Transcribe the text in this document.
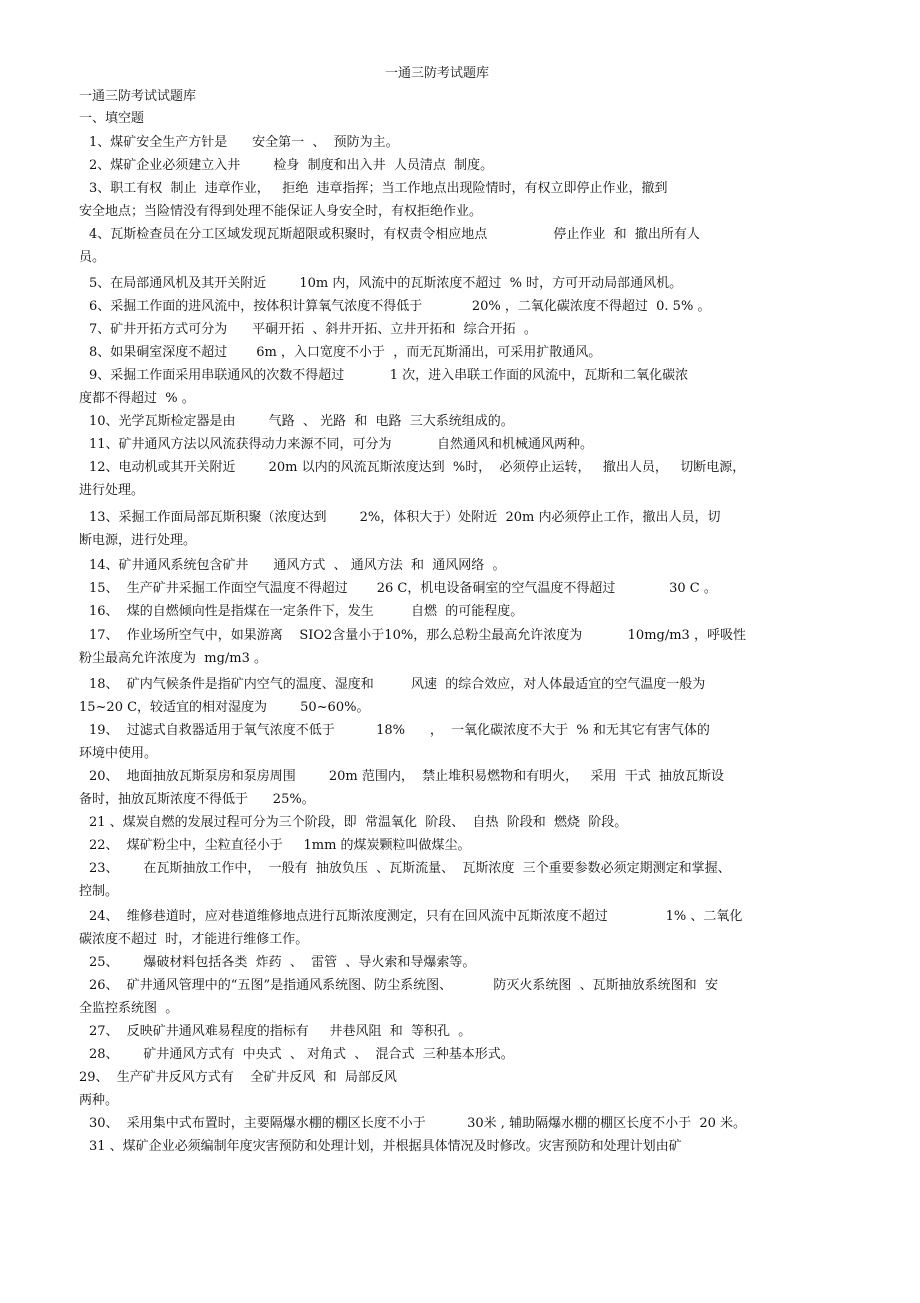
一通三防考试题库
一通三防考试试题库
一、填空题
1、煤矿安全生产方针是      安全第一  、  预防为主。
2、煤矿企业必须建立入井        检身  制度和出入井  人员清点  制度。
3、职工有权  制止  违章作业，   拒绝  违章指挥；当工作地点出现险情时，有权立即停止作业，撤到
安全地点；当险情没有得到处理不能保证人身安全时，有权拒绝作业。
4、瓦斯检查员在分工区域发现瓦斯超限或积聚时，有权责令相应地点                停止作业  和  撤出所有人
员。
5、在局部通风机及其开关附近        10m 内，风流中的瓦斯浓度不超过  % 时，方可开动局部通风机。
6、采掘工作面的进风流中，按体积计算氧气浓度不得低于            20% ，二氧化碳浓度不得超过  0. 5% 。
7、矿井开拓方式可分为      平硐开拓  、斜井开拓、立井开拓和  综合开拓  。
8、如果硐室深度不超过       6m ，入口宽度不小于  ，而无瓦斯涌出，可采用扩散通风。
9、采掘工作面采用串联通风的次数不得超过           1 次，进入串联工作面的风流中，瓦斯和二氧化碳浓
度都不得超过  % 。
10、光学瓦斯检定器是由        气路  、 光路  和  电路  三大系统组成的。
11、矿井通风方法以风流获得动力来源不同，可分为           自然通风和机械通风两种。
12、电动机或其开关附近        20m 以内的风流瓦斯浓度达到  %时，  必须停止运转，   撤出人员，   切断电源，
进行处理。
13、采掘工作面局部瓦斯积聚（浓度达到        2%，体积大于）处附近  20m 内必须停止工作，撤出人员，切
断电源，进行处理。
14、矿井通风系统包含矿井      通风方式  、 通风方法  和  通风网络  。
15、  生产矿井采掘工作面空气温度不得超过       26 C，机电设备硐室的空气温度不得超过             30 C 。
16、  煤的自燃倾向性是指煤在一定条件下，发生         自燃  的可能程度。
17、  作业场所空气中，如果游离    SIO2含量小于10%，那么总粉尘最高允许浓度为           10mg/m3 ，呼吸性
粉尘最高允许浓度为  mg/m3 。
18、  矿内气候条件是指矿内空气的温度、湿度和         风速  的综合效应，对人体最适宜的空气温度一般为
15~20 C，较适宜的相对湿度为        50~60%。
19、  过滤式自救器适用于氧气浓度不低于          18%      ，  一氧化碳浓度不大于  % 和无其它有害气体的
环境中使用。
20、  地面抽放瓦斯泵房和泵房周围        20m 范围内，  禁止堆积易燃物和有明火，   采用  干式  抽放瓦斯设
备时，抽放瓦斯浓度不得低于      25%。
21 、煤炭自燃的发展过程可分为三个阶段，即  常温氧化  阶段、  自热  阶段和  燃烧  阶段。
22、  煤矿粉尘中，尘粒直径小于     1mm 的煤炭颗粒叫做煤尘。
23、      在瓦斯抽放工作中，  一般有  抽放负压  、瓦斯流量、  瓦斯浓度  三个重要参数必须定期测定和掌握、
控制。
24、  维修巷道时，应对巷道维修地点进行瓦斯浓度测定，只有在回风流中瓦斯浓度不超过              1% 、二氧化
碳浓度不超过  时，才能进行维修工作。
25、      爆破材料包括各类  炸药  、  雷管  、导火索和导爆索等。
26、  矿井通风管理中的“五图”是指通风系统图、防尘系统图、          防灭火系统图  、瓦斯抽放系统图和  安
全监控系统图  。
27、  反映矿井通风难易程度的指标有     井巷风阻  和  等积孔  。
28、      矿井通风方式有  中央式  、 对角式  、  混合式  三种基本形式。
29、  生产矿井反风方式有    全矿井反风  和  局部反风
两种。
30、  采用集中式布置时，主要隔爆水棚的棚区长度不小于          30米 , 辅助隔爆水棚的棚区长度不小于  20 米。
31 、煤矿企业必须编制年度灾害预防和处理计划，并根据具体情况及时修改。灾害预防和处理计划由矿
